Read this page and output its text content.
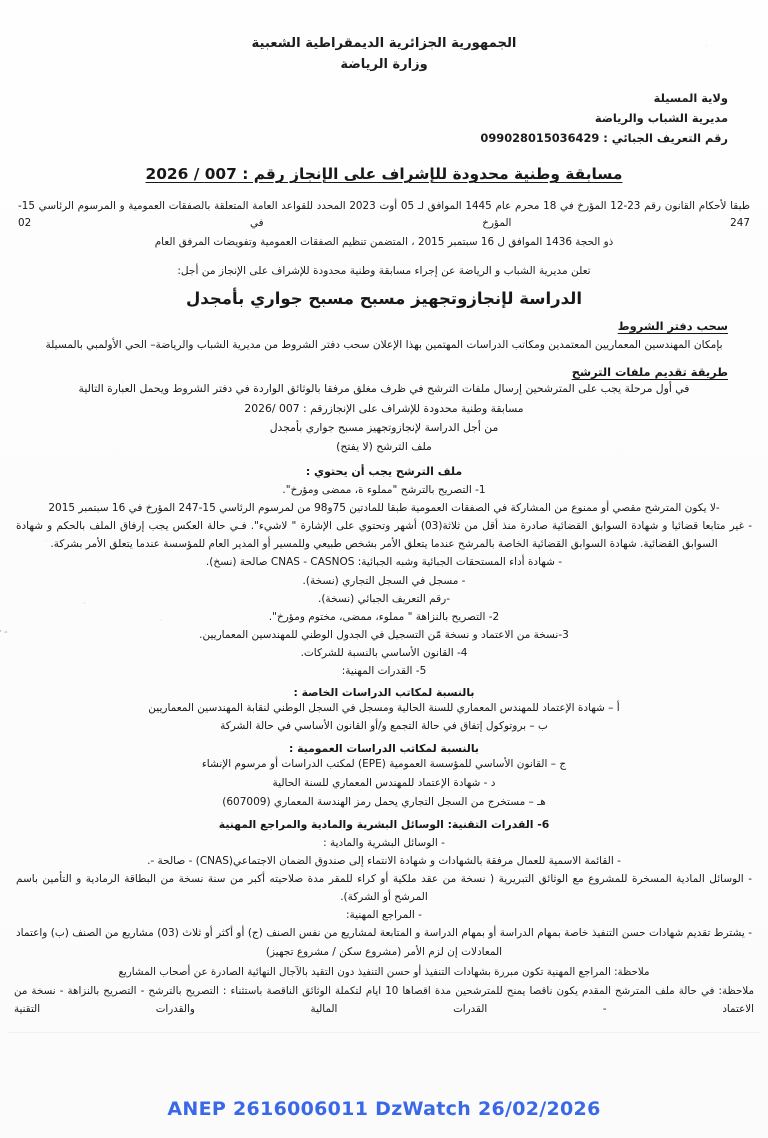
الجمهورية الجزائرية الديمقراطية الشعبية
وزارة الرياضة
ولاية المسيلة
مديرية الشباب والرياضة
رقم التعريف الجبائي : 099028015036429
مسابقة وطنية محدودة للإشراف على الإنجاز رقم : 007 / 2026
طبقا لأحكام القانون رقم 23-12 المؤرخ في 18 محرم عام 1445 الموافق لـ 05 أوت 2023 المحدد للقواعد العامة المتعلقة بالصفقات العمومية و المرسوم الرئاسي 15-247 المؤرخ في 02
ذو الحجة 1436 الموافق ل 16 سبتمبر 2015 ، المتضمن تنظيم الصفقات العمومية وتفويضات المرفق العام
تعلن مديرية الشباب و الرياضة عن إجراء مسابقة وطنية محدودة للإشراف على الإنجاز من أجل:
الدراسة لإنجازوتجهيز مسبح مسبح جواري بأمجدل
سحب دفتر الشروط
بإمكان المهندسين المعماريين المعتمدين ومكاتب الدراسات المهتمين بهذا الإعلان سحب دفتر الشروط من مديرية الشباب والرياضة– الحي الأولمبي بالمسيلة
طريقة تقديم ملفات الترشح
في أول مرحلة يجب على المترشحين إرسال ملفات الترشح في ظرف مغلق مرفقا بالوثائق الواردة في دفتر الشروط ويحمل العبارة التالية
مسابقة وطنية محدودة للإشراف على الإنجازرقم : 007 /2026
من أجل الدراسة لإنجازوتجهيز مسبح جواري بأمجدل
ملف الترشح (لا يفتح)
ملف الترشح يجب أن يحتوي :
1- التصريح بالترشح "مملوء ة، ممضى ومؤرخ".
-لا يكون المترشح مقصي أو ممنوع من المشاركة في الصفقات العمومية طبقا للمادتين 75و98 من لمرسوم الرئاسي 15-247 المؤرخ في 16 سبتمبر 2015
- غير متابعا قضائيا و شهادة السوابق القضائية صادرة منذ أقل من ثلاثة(03) أشهر وتحتوي على الإشارة " لاشيء". فـي حالة العكس يجب إرفاق الملف بالحكم و شهادة السوابق القضائية. شهادة السوابق القضائية الخاصة بالمرشح عندما يتعلق الأمر بشخص طبيعي وللمسير أو المدير العام للمؤسسة عندما يتعلق الأمر بشركة.
- شهادة أداء المستحقات الجبائية وشبه الجبائية: CNAS - CASNOS صالحة (نسخ).
- مسجل في السجل التجاري (نسخة).
-رقم التعريف الجبائي (نسخة).
2- التصريح بالنزاهة " مملوء، ممضى، مختوم ومؤرخ".
3-نسخة من الاعتماد و نسخة مّن التسجيل في الجدول الوطني للمهندسين المعماريين.
4- القانون الأساسي بالنسبة للشركات.
5- القدرات المهنية:
بالنسبة لمكاتب الدراسات الخاصة :
أ – شهادة الإعتماد للمهندس المعماري للسنة الحالية ومسجل في السجل الوطني لنقابة المهندسين المعماريين
ب – بروتوكول إتفاق في حالة التجمع و/أو القانون الأساسي في حالة الشركة
بالنسبة لمكاتب الدراسات العمومية :
ج – القانون الأساسي للمؤسسة العمومية (EPE) لمكتب الدراسات أو مرسوم الإنشاء
د - شهادة الإعتماد للمهندس المعماري للسنة الحالية
هـ – مستخرج من السجل التجاري يحمل رمز الهندسة المعماري (607009)
6- القدرات التقنية: الوسائل البشرية والمادية والمراجع المهنية
- الوسائل البشرية والمادية :
- القائمة الاسمية للعمال مرفقة بالشهادات و شهادة الانتماء إلى صندوق الضمان الاجتماعي(CNAS) - صالحة -.
- الوسائل المادية المسخرة للمشروع مع الوثائق التبريرية ( نسخة من عقد ملكية أو كراء للمقر مدة صلاحيته أكبر من سنة نسخة من البطاقة الرمادية و التأمين باسم المرشح أو الشركة).
- المراجع المهنية:
- يشترط تقديم شهادات حسن التنفيذ خاصة بمهام الدراسة أو بمهام الدراسة و المتابعة لمشاريع من نفس الصنف (ج) أو أكثر أو ثلاث (03) مشاريع من الصنف (ب) واعتماد المعادلات إن لزم الأمر (مشروع سكن / مشروع تجهيز)
ملاحظة: المراجع المهنية تكون مبررة بشهادات التنفيذ أو حسن التنفيذ دون التقيد بالآجال النهائية الصادرة عن أصحاب المشاريع
ملاحظة: في حالة ملف المترشح المقدم يكون ناقصا يمنح للمترشحين مدة اقصاها 10 ايام لتكملة الوثائق الناقصة باستثناء : التصريح بالترشح - التصريح بالنزاهة - نسخة من الاعتماد - القدرات المالية والقدرات التقنية
ANEP 2616006011 DzWatch 26/02/2026
